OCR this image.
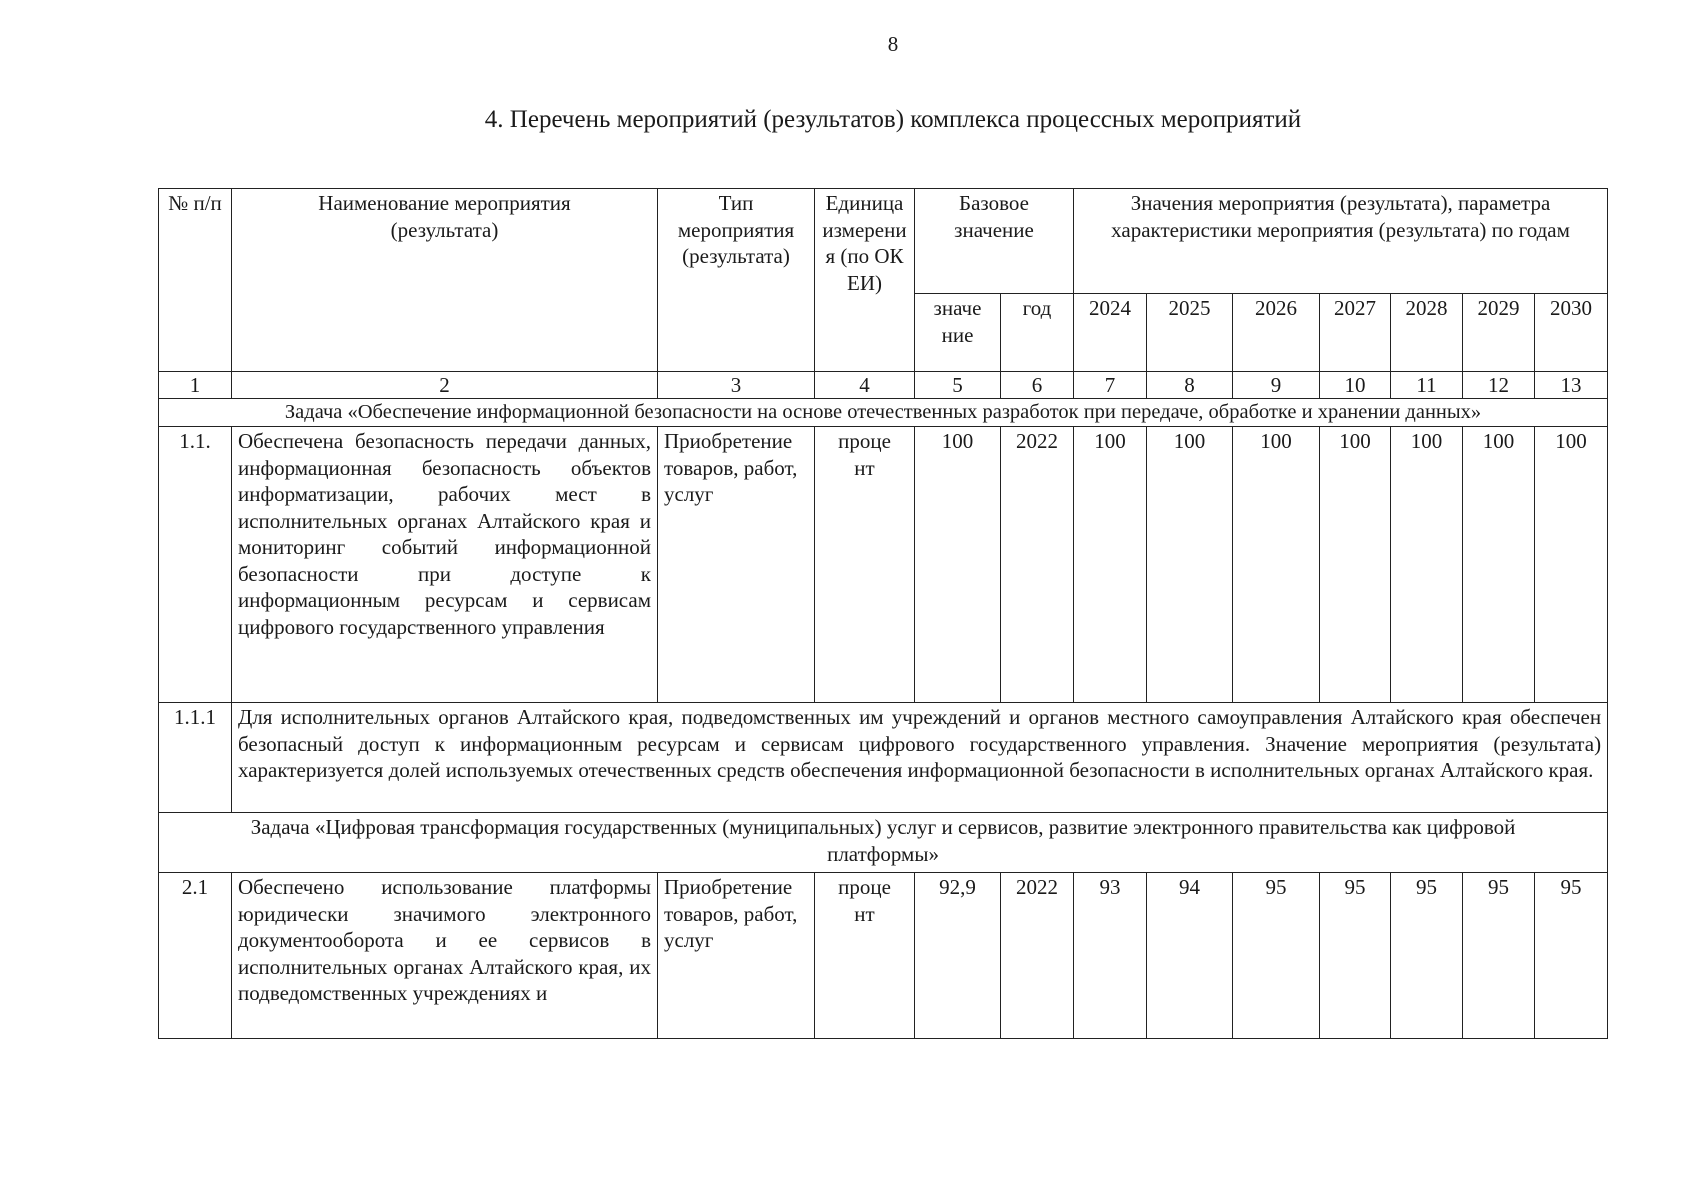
8
4. Перечень мероприятий (результатов) комплекса процессных мероприятий
№ п/п	Наименование мероприятия (результата)	Тип мероприятия (результата)	Единица измерения (по ОКЕИ)	Базовое значение		Значения мероприятия (результата), параметра характеристики мероприятия (результата) по годам						
				значение	год	2024	2025	2026	2027	2028	2029	2030
1	2	3	4	5	6	7	8	9	10	11	12	13
Задача «Обеспечение информационной безопасности на основе отечественных разработок при передаче, обработке и хранении данных»												
1.1.	Обеспечена безопасность передачи данных, информационная безопасность объектов информатизации, рабочих мест в исполнительных органах Алтайского края и мониторинг событий информационной безопасности при доступе к информационным ресурсам и сервисам цифрового государственного управления	Приобретение товаров, работ, услуг	процент	100	2022	100	100	100	100	100	100	100
1.1.1	Для исполнительных органов Алтайского края, подведомственных им учреждений и органов местного самоуправления Алтайского края обеспечен безопасный доступ к информационным ресурсам и сервисам цифрового государственного управления. Значение мероприятия (результата) характеризуется долей используемых отечественных средств обеспечения информационной безопасности в исполнительных органах Алтайского края.											
Задача «Цифровая трансформация государственных (муниципальных) услуг и сервисов, развитие электронного правительства как цифровой платформы»												
2.1	Обеспечено использование платформы юридически значимого электронного документооборота и ее сервисов в исполнительных органах Алтайского края, их подведомственных учреждениях и	Приобретение товаров, работ, услуг	процент	92,9	2022	93	94	95	95	95	95	95
